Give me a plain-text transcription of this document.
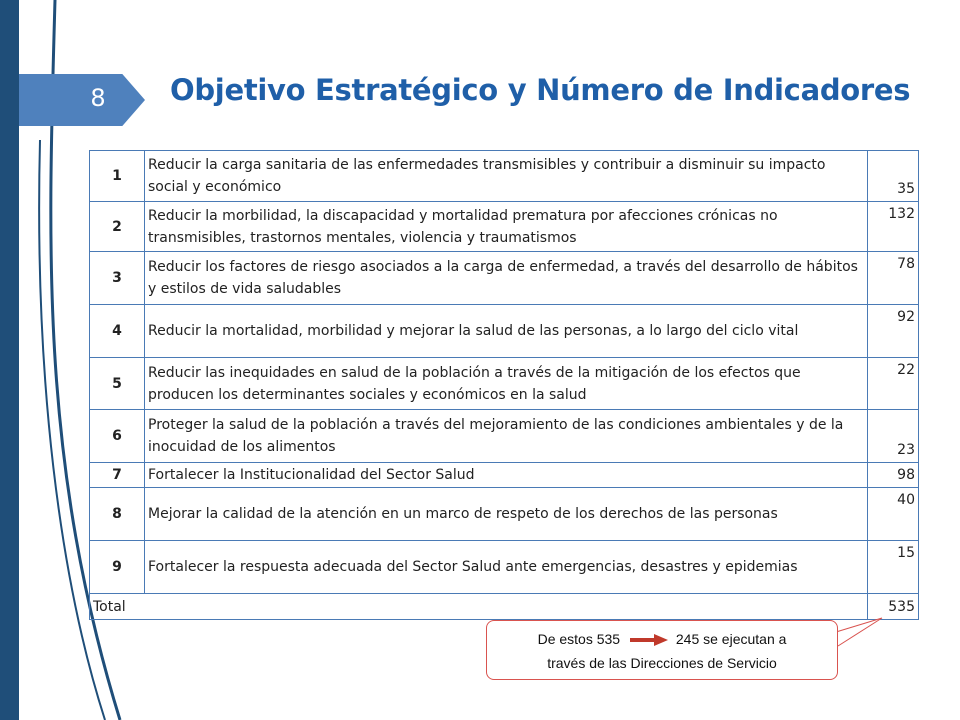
8	Objetivo Estratégico y Número de Indicadores
1	Reducir la carga sanitaria de las enfermedades transmisibles y contribuir a disminuir su impacto social y económico	35
2	Reducir la morbilidad, la discapacidad y mortalidad prematura por afecciones crónicas no transmisibles, trastornos mentales, violencia y traumatismos	132
3	Reducir los factores de riesgo asociados a la carga de enfermedad, a través del desarrollo de hábitos y estilos de vida saludables	78
4	Reducir la mortalidad, morbilidad y mejorar la salud de las personas, a lo largo del ciclo vital	92
5	Reducir las inequidades en salud de la población a través de la mitigación de los efectos que producen los determinantes sociales y económicos en la salud	22
6	Proteger la salud de la población a través del mejoramiento de las condiciones ambientales y de la inocuidad de los alimentos	23
7	Fortalecer la Institucionalidad del Sector Salud	98
8	Mejorar la calidad de la atención en un marco de respeto de los derechos de las personas	40
9	Fortalecer la respuesta adecuada del Sector Salud ante emergencias, desastres y epidemias	15
Total		535
De estos 535	245 se ejecutan a
través de las Direcciones de Servicio
